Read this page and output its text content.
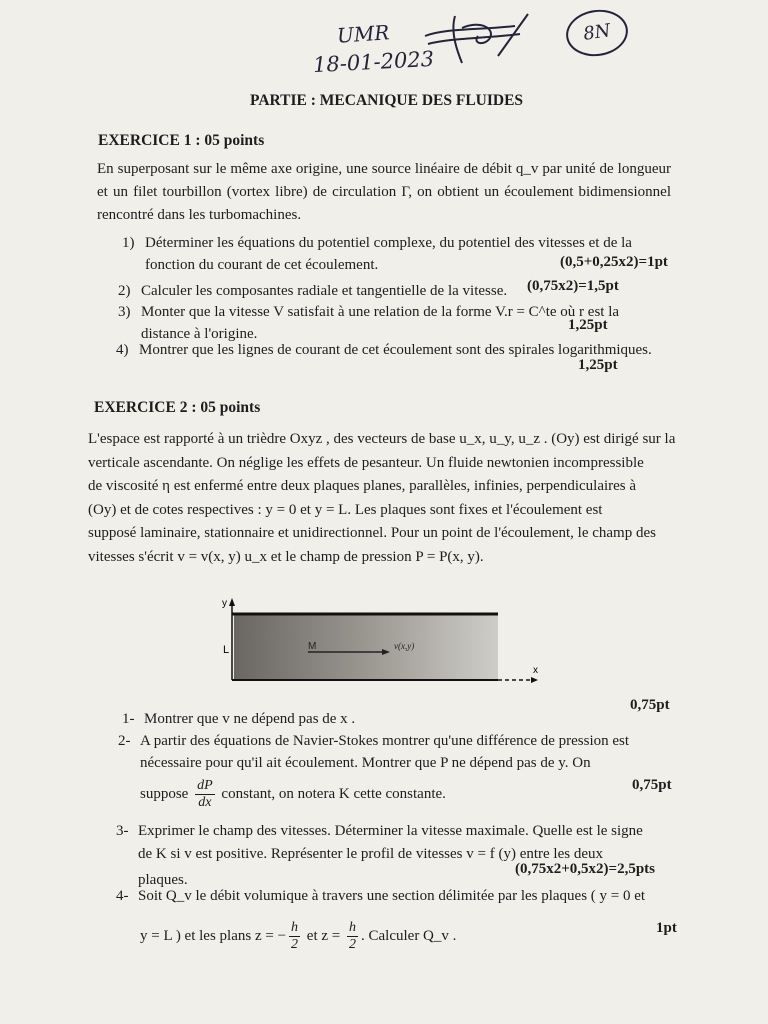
UMR
18-01-2023
8N
PARTIE : MECANIQUE DES FLUIDES
EXERCICE 1 : 05 points
En superposant sur le même axe origine, une source linéaire de débit q_v par unité de longueur et un filet tourbillon (vortex libre) de circulation Γ, on obtient un écoulement bidimensionnel rencontré dans les turbomachines.
1) Déterminer les équations du potentiel complexe, du potentiel des vitesses et de la
fonction du courant de cet écoulement.	(0,5+0,25x2)=1pt
2) Calculer les composantes radiale et tangentielle de la vitesse. (0,75x2)=1,5pt
3) Monter que la vitesse V satisfait à une relation de la forme V.r = C^te où r est la
distance à l'origine.
1,25pt
4) Montrer que les lignes de courant de cet écoulement sont des spirales logarithmiques.
1,25pt
EXERCICE 2 : 05 points
L'espace est rapporté à un trièdre Oxyz , des vecteurs de base u_x, u_y, u_z . (Oy) est dirigé sur la
verticale ascendante. On néglige les effets de pesanteur. Un fluide newtonien incompressible
de viscosité η est enfermé entre deux plaques planes, parallèles, infinies, perpendiculaires à
(Oy) et de cotes respectives : y = 0 et y = L. Les plaques sont fixes et l'écoulement est
supposé laminaire, stationnaire et unidirectionnel. Pour un point de l'écoulement, le champ des
vitesses s'écrit v = v(x, y) u_x et le champ de pression P = P(x, y).
y
x
L	M	v(x,y)
0,75pt
1- Montrer que v ne dépend pas de x .
2- A partir des équations de Navier-Stokes montrer qu'une différence de pression est
nécessaire pour qu'il ait écoulement. Montrer que P ne dépend pas de y. On
suppose $\frac{dP}{dx}$ constant, on notera K cette constante.
0,75pt
3- Exprimer le champ des vitesses. Déterminer la vitesse maximale. Quelle est le signe
de K si v est positive. Représenter le profil de vitesses v = f (y) entre les deux
plaques.
(0,75x2+0,5x2)=2,5pts
4- Soit Q_v le débit volumique à travers une section délimitée par les plaques ( y = 0 et
y = L ) et les plans z = − $\frac{h}{2}$ et $z = \frac{h}{2}$ . Calculer Q_v .	1pt
